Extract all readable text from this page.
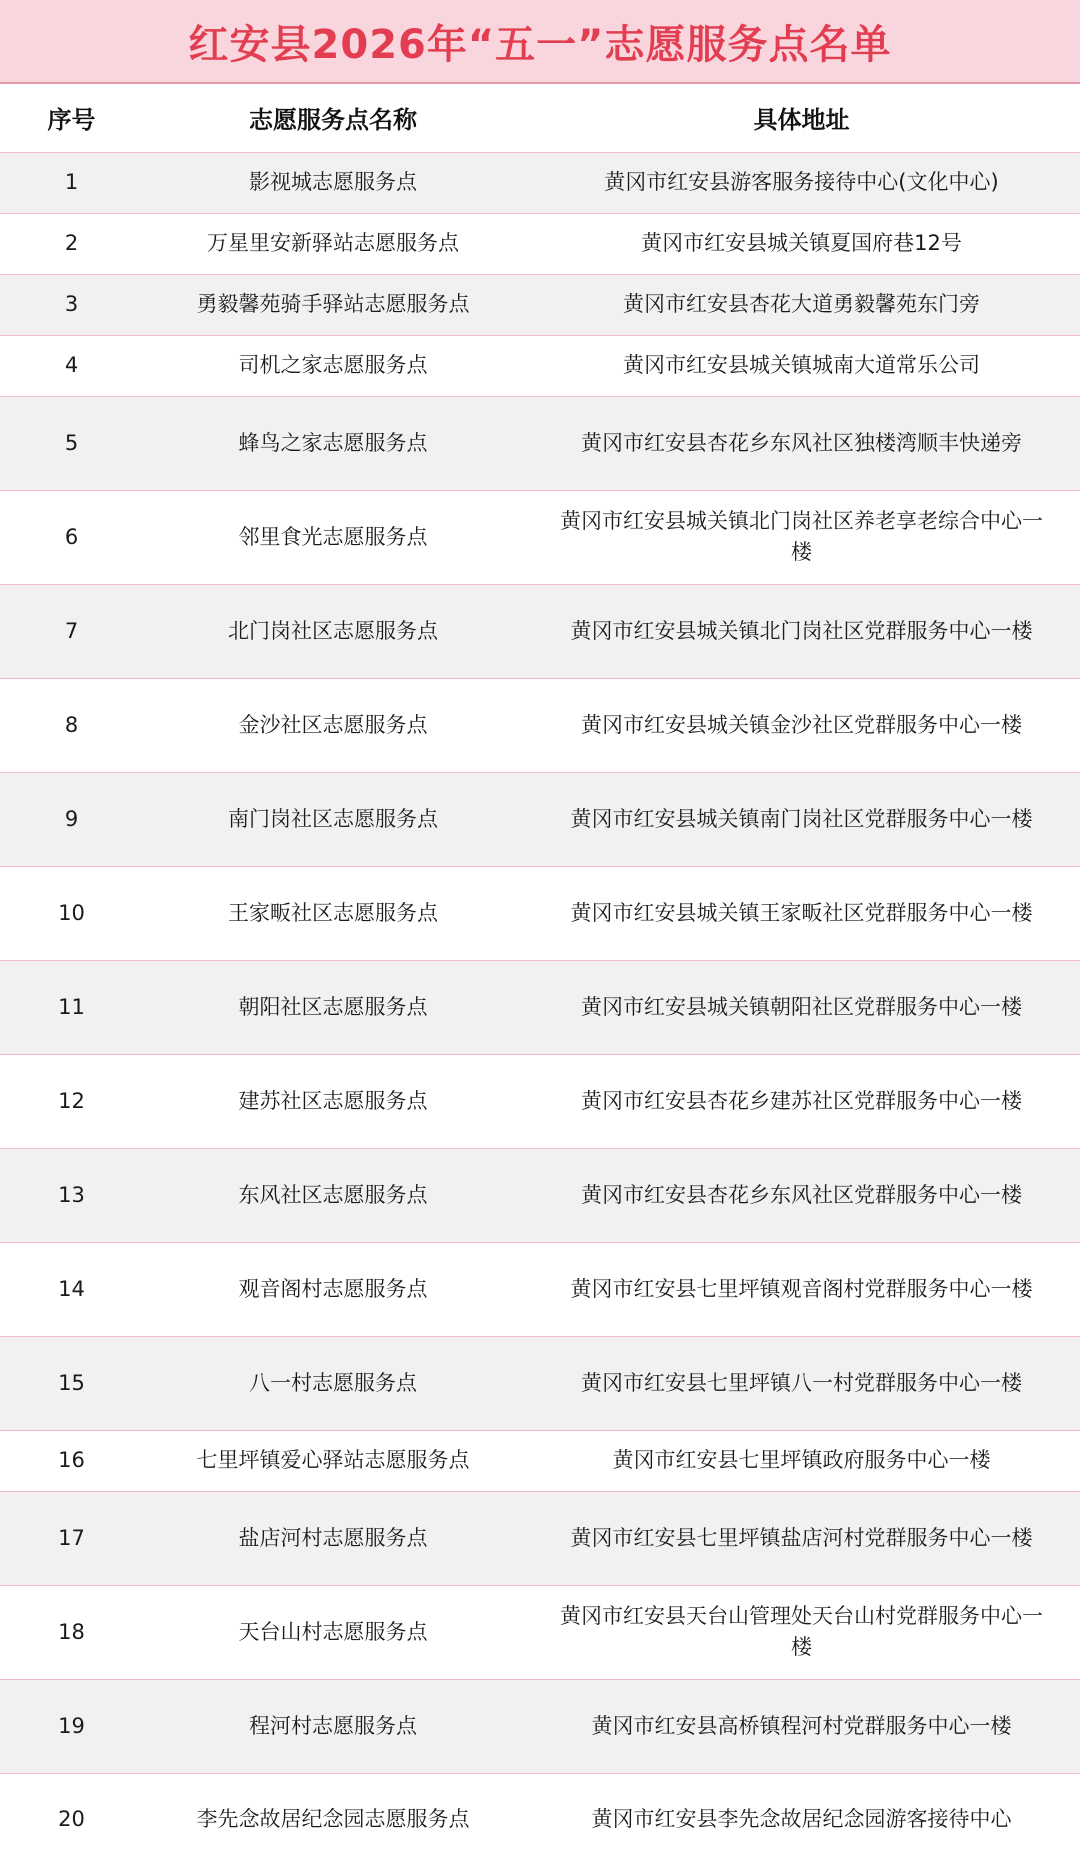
红安县2026年“五一”志愿服务点名单
序号	志愿服务点名称	具体地址
1	影视城志愿服务点	黄冈市红安县游客服务接待中心(文化中心)
2	万星里安新驿站志愿服务点	黄冈市红安县城关镇夏国府巷12号
3	勇毅馨苑骑手驿站志愿服务点	黄冈市红安县杏花大道勇毅馨苑东门旁
4	司机之家志愿服务点	黄冈市红安县城关镇城南大道常乐公司
5	蜂鸟之家志愿服务点	黄冈市红安县杏花乡东风社区独楼湾顺丰快递旁
6	邻里食光志愿服务点	黄冈市红安县城关镇北门岗社区养老享老综合中心一楼
7	北门岗社区志愿服务点	黄冈市红安县城关镇北门岗社区党群服务中心一楼
8	金沙社区志愿服务点	黄冈市红安县城关镇金沙社区党群服务中心一楼
9	南门岗社区志愿服务点	黄冈市红安县城关镇南门岗社区党群服务中心一楼
10	王家畈社区志愿服务点	黄冈市红安县城关镇王家畈社区党群服务中心一楼
11	朝阳社区志愿服务点	黄冈市红安县城关镇朝阳社区党群服务中心一楼
12	建苏社区志愿服务点	黄冈市红安县杏花乡建苏社区党群服务中心一楼
13	东风社区志愿服务点	黄冈市红安县杏花乡东风社区党群服务中心一楼
14	观音阁村志愿服务点	黄冈市红安县七里坪镇观音阁村党群服务中心一楼
15	八一村志愿服务点	黄冈市红安县七里坪镇八一村党群服务中心一楼
16	七里坪镇爱心驿站志愿服务点	黄冈市红安县七里坪镇政府服务中心一楼
17	盐店河村志愿服务点	黄冈市红安县七里坪镇盐店河村党群服务中心一楼
18	天台山村志愿服务点	黄冈市红安县天台山管理处天台山村党群服务中心一楼
19	程河村志愿服务点	黄冈市红安县高桥镇程河村党群服务中心一楼
20	李先念故居纪念园志愿服务点	黄冈市红安县李先念故居纪念园游客接待中心
